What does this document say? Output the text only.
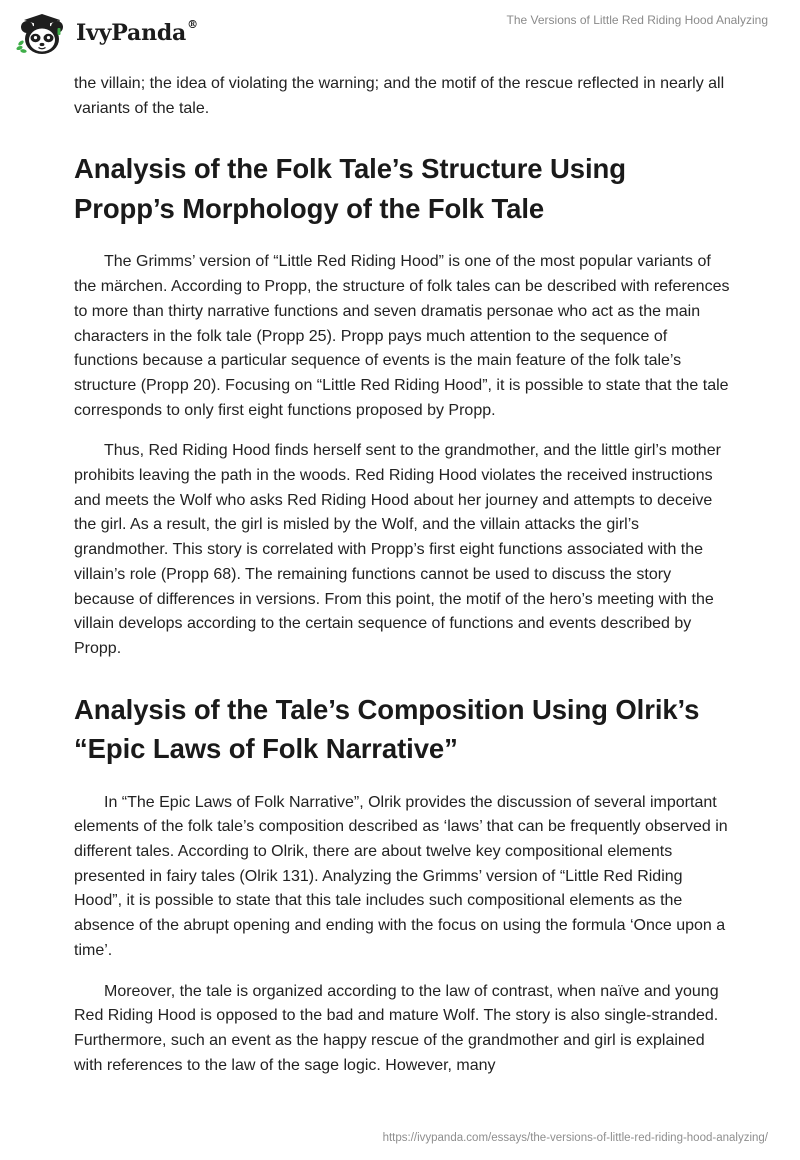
IvyPanda®	The Versions of Little Red Riding Hood Analyzing

the villain; the idea of violating the warning; and the motif of the rescue reflected in nearly all variants of the tale.

Analysis of the Folk Tale’s Structure Using Propp’s Morphology of the Folk Tale

The Grimms’ version of “Little Red Riding Hood” is one of the most popular variants of the märchen. According to Propp, the structure of folk tales can be described with references to more than thirty narrative functions and seven dramatis personae who act as the main characters in the folk tale (Propp 25). Propp pays much attention to the sequence of functions because a particular sequence of events is the main feature of the folk tale’s structure (Propp 20). Focusing on “Little Red Riding Hood”, it is possible to state that the tale corresponds to only first eight functions proposed by Propp.

Thus, Red Riding Hood finds herself sent to the grandmother, and the little girl’s mother prohibits leaving the path in the woods. Red Riding Hood violates the received instructions and meets the Wolf who asks Red Riding Hood about her journey and attempts to deceive the girl. As a result, the girl is misled by the Wolf, and the villain attacks the girl’s grandmother. This story is correlated with Propp’s first eight functions associated with the villain’s role (Propp 68). The remaining functions cannot be used to discuss the story because of differences in versions. From this point, the motif of the hero’s meeting with the villain develops according to the certain sequence of functions and events described by Propp.

Analysis of the Tale’s Composition Using Olrik’s “Epic Laws of Folk Narrative”

In “The Epic Laws of Folk Narrative”, Olrik provides the discussion of several important elements of the folk tale’s composition described as ‘laws’ that can be frequently observed in different tales. According to Olrik, there are about twelve key compositional elements presented in fairy tales (Olrik 131). Analyzing the Grimms’ version of “Little Red Riding Hood”, it is possible to state that this tale includes such compositional elements as the absence of the abrupt opening and ending with the focus on using the formula ‘Once upon a time’.

Moreover, the tale is organized according to the law of contrast, when naïve and young Red Riding Hood is opposed to the bad and mature Wolf. The story is also single-stranded. Furthermore, such an event as the happy rescue of the grandmother and girl is explained with references to the law of the sage logic. However, many

https://ivypanda.com/essays/the-versions-of-little-red-riding-hood-analyzing/
